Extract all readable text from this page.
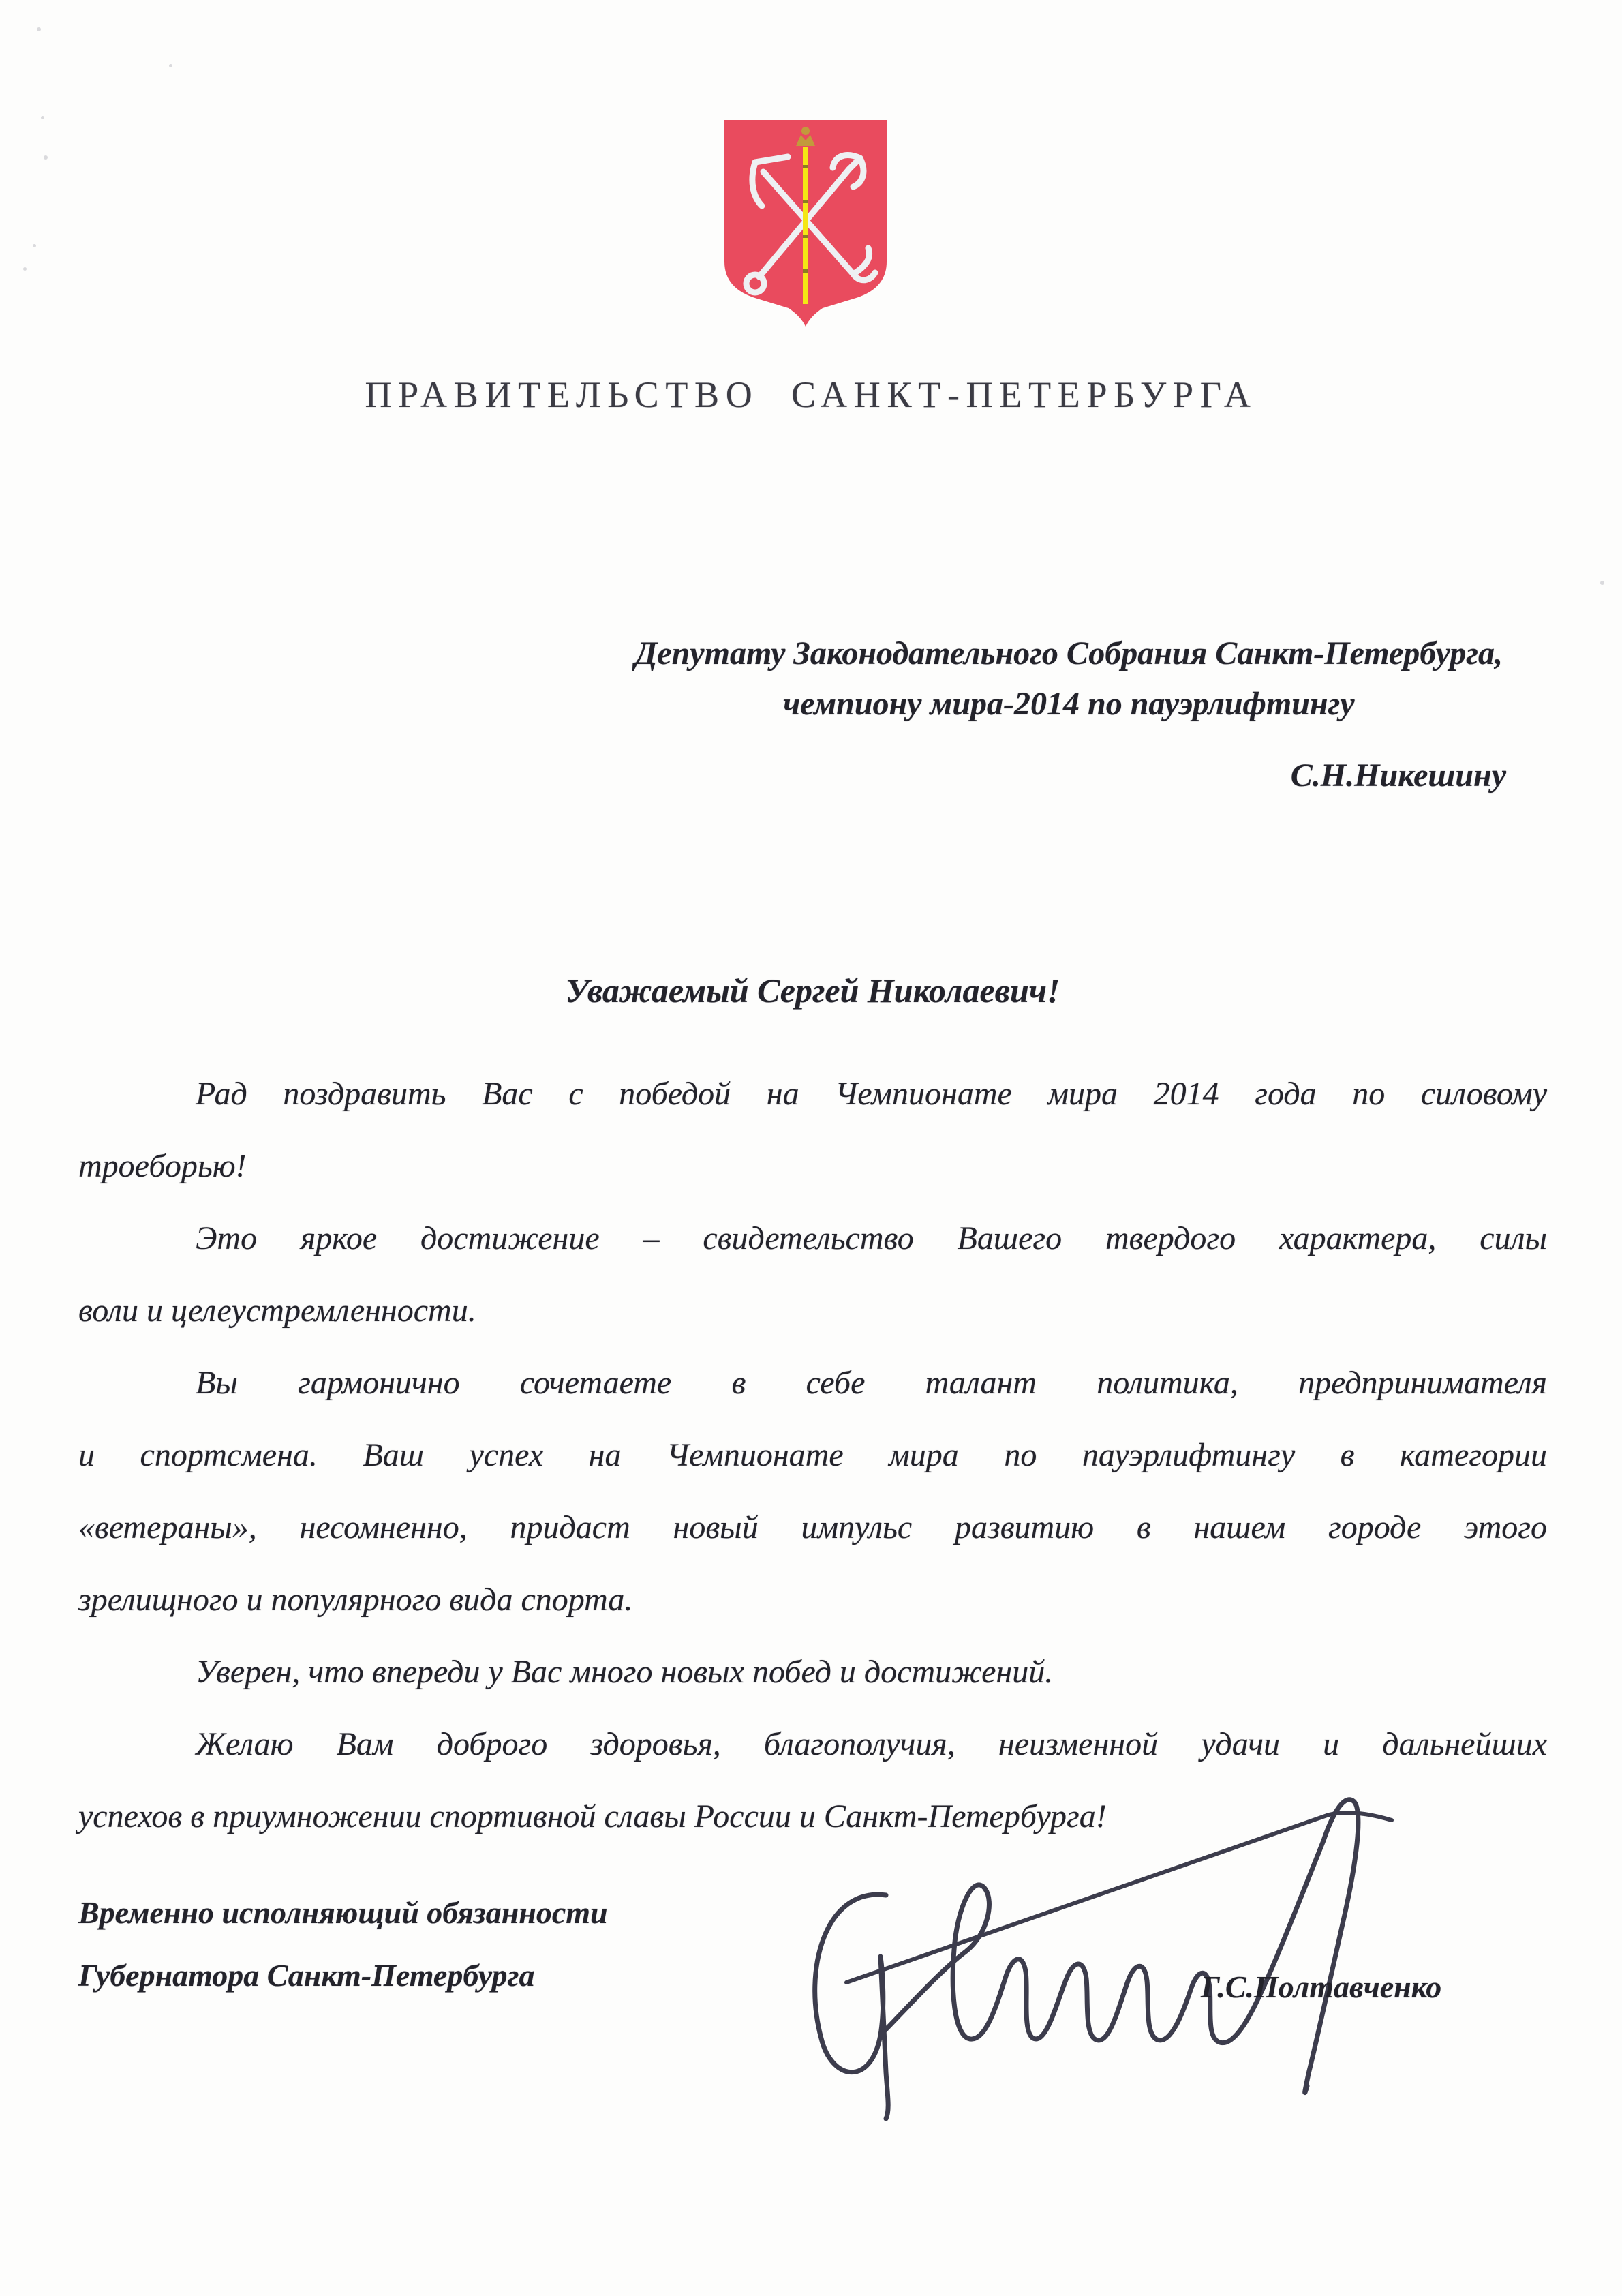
ПРАВИТЕЛЬСТВО САНКТ-ПЕТЕРБУРГА
Депутату Законодательного Собрания Санкт-Петербурга,
чемпиону мира-2014 по пауэрлифтингу
С.Н.Никешину
Уважаемый Сергей Николаевич!
Рад поздравить Вас с победой на Чемпионате мира 2014 года по силовому
троеборью!
Это яркое достижение – свидетельство Вашего твердого характера, силы
воли и целеустремленности.
Вы гармонично сочетаете в себе талант политика, предпринимателя
и спортсмена. Ваш успех на Чемпионате мира по пауэрлифтингу в категории
«ветераны», несомненно, придаст новый импульс развитию в нашем городе этого
зрелищного и популярного вида спорта.
Уверен, что впереди у Вас много новых побед и достижений.
Желаю Вам доброго здоровья, благополучия, неизменной удачи и дальнейших
успехов в приумножении спортивной славы России и Санкт-Петербурга!
Временно исполняющий обязанности
Губернатора Санкт-Петербурга	Г.С.Полтавченко
